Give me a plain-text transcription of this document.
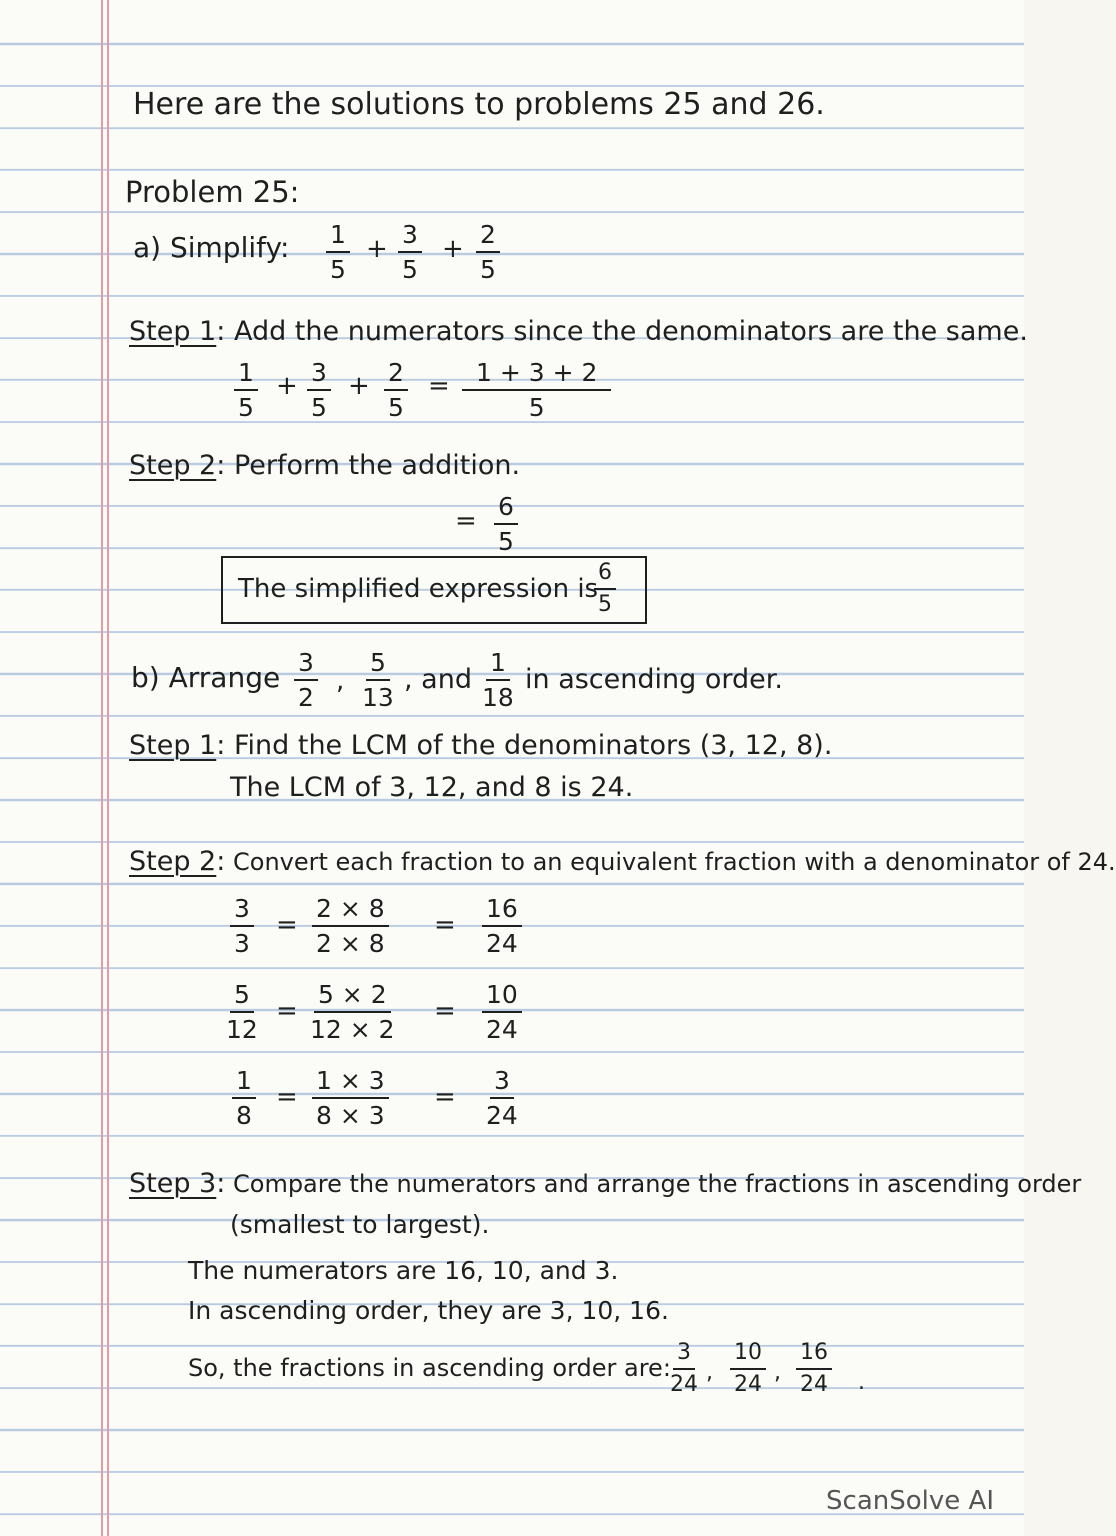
Here are the solutions to problems 25 and 26.
Problem 25:
a) Simplify: $\frac{1}{5} + \frac{3}{5} + \frac{2}{5}$
Step 1: Add the numerators since the denominators are the same.
$\frac{1}{5} + \frac{3}{5} + \frac{2}{5} = \frac{1 + 3 + 2}{5}$
Step 2: Perform the addition.
= $\frac{6}{5}$
The simplified expression is
$\frac{6}{5}$
b) Arrange $\frac{3}{2}$ , $\frac{5}{13}$ , and $\frac{1}{18}$ in ascending order.
Step 1: Find the LCM of the denominators (3, 12, 8).
The LCM of 3, 12, and 8 is 24.
Step 2: Convert each fraction to an equivalent fraction with a denominator of 24.
$\frac{3}{3} = \frac{2 \times 8}{2 \times 8} = \frac{16}{24}$
$\frac{5}{12} = \frac{5 \times 2}{12 \times 2} = \frac{10}{24}$
$\frac{1}{8} = \frac{1 \times 3}{8 \times 3} = \frac{3}{24}$
Step 3: Compare the numerators and arrange the fractions in ascending order
(smallest to largest).
The numerators are 16, 10, and 3.
In ascending order, they are 3, 10, 16.
So, the fractions in ascending order are: $\frac{3}{24}$ , $\frac{10}{24}$ , $\frac{16}{24}$ .
ScanSolve AI
